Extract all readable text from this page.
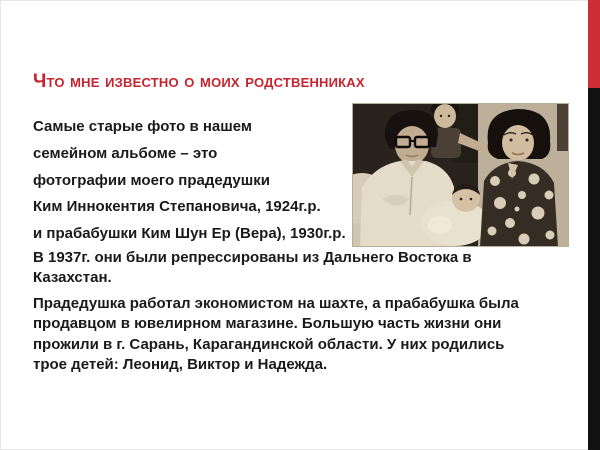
Что мне известно о моих родственниках
Самые старые фото в нашем
семейном альбоме – это
фотографии моего прадедушки
Ким Иннокентия Степановича, 1924г.р.
и прабабушки Ким Шун Ер (Вера), 1930г.р.
В 1937г. они были репрессированы из Дальнего Востока в
Казахстан.
Прадедушка работал экономистом на шахте, а прабабушка была
продавцом в ювелирном магазине. Большую часть жизни они
прожили в г. Сарань, Карагандинской области. У них родились
трое детей: Леонид, Виктор и Надежда.
